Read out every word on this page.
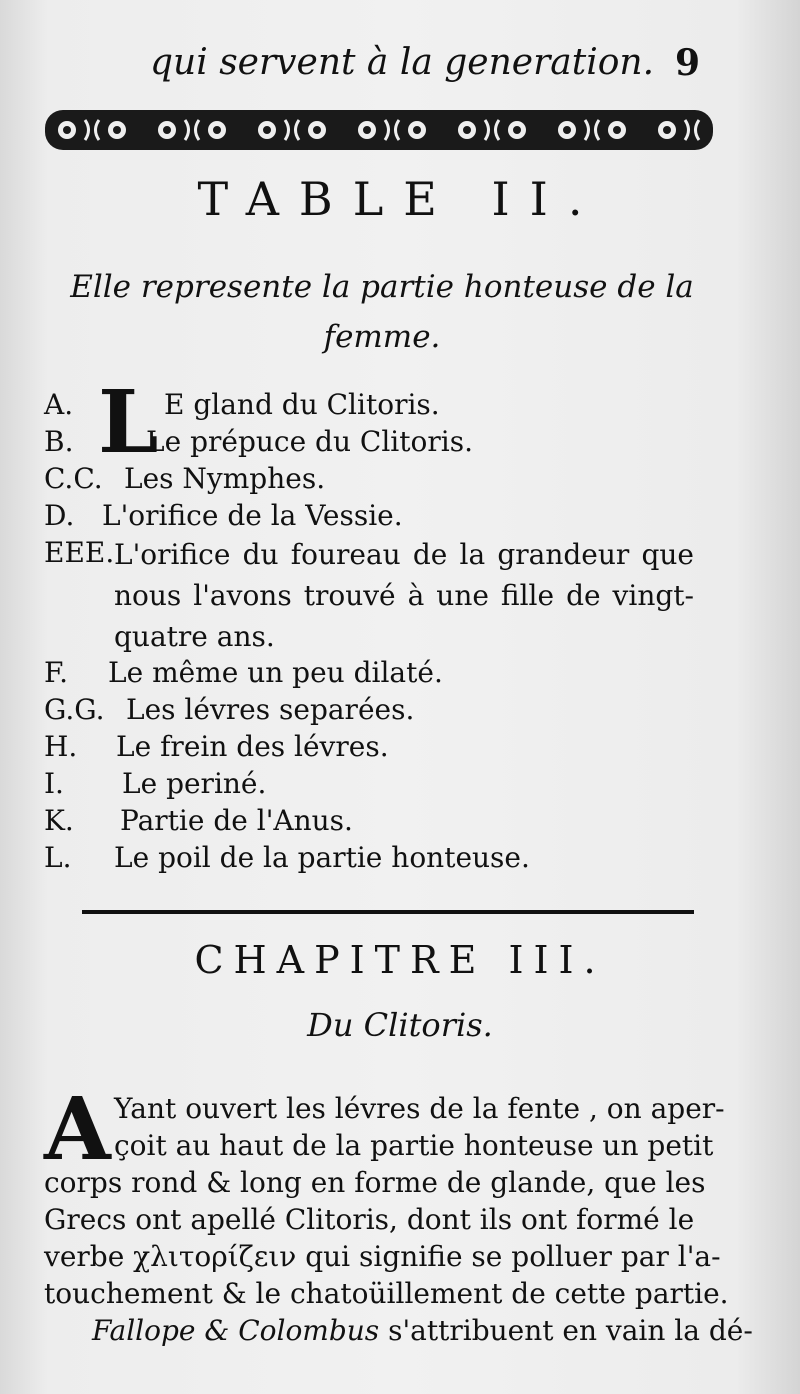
qui servent à la generation. 9
TABLE II.
Elle represente la partie honteuse de la femme.
A. L E gland du Clitoris.
B.	Le prépuce du Clitoris.
C.C. Les Nymphes.
D. L'orifice de la Vessie.
EEE. L'orifice du foureau de la grandeur que nous l'avons trouvé à une fille de vingt-quatre ans.
F. Le même un peu dilaté.
G.G. Les lévres separées.
H. Le frein des lévres.
I. Le periné.
K. Partie de l'Anus.
L. Le poil de la partie honteuse.
CHAPITRE III.
Du Clitoris.
A Yant ouvert les lévres de la fente , on aper-
çoit au haut de la partie honteuse un petit
corps rond & long en forme de glande, que les
Grecs ont apellé Clitoris, dont ils ont formé le
verbe χλιτορίζειν qui signifie se polluer par l'a-
touchement & le chatoüillement de cette partie.
Fallope & Colombus s'attribuent en vain la dé-
